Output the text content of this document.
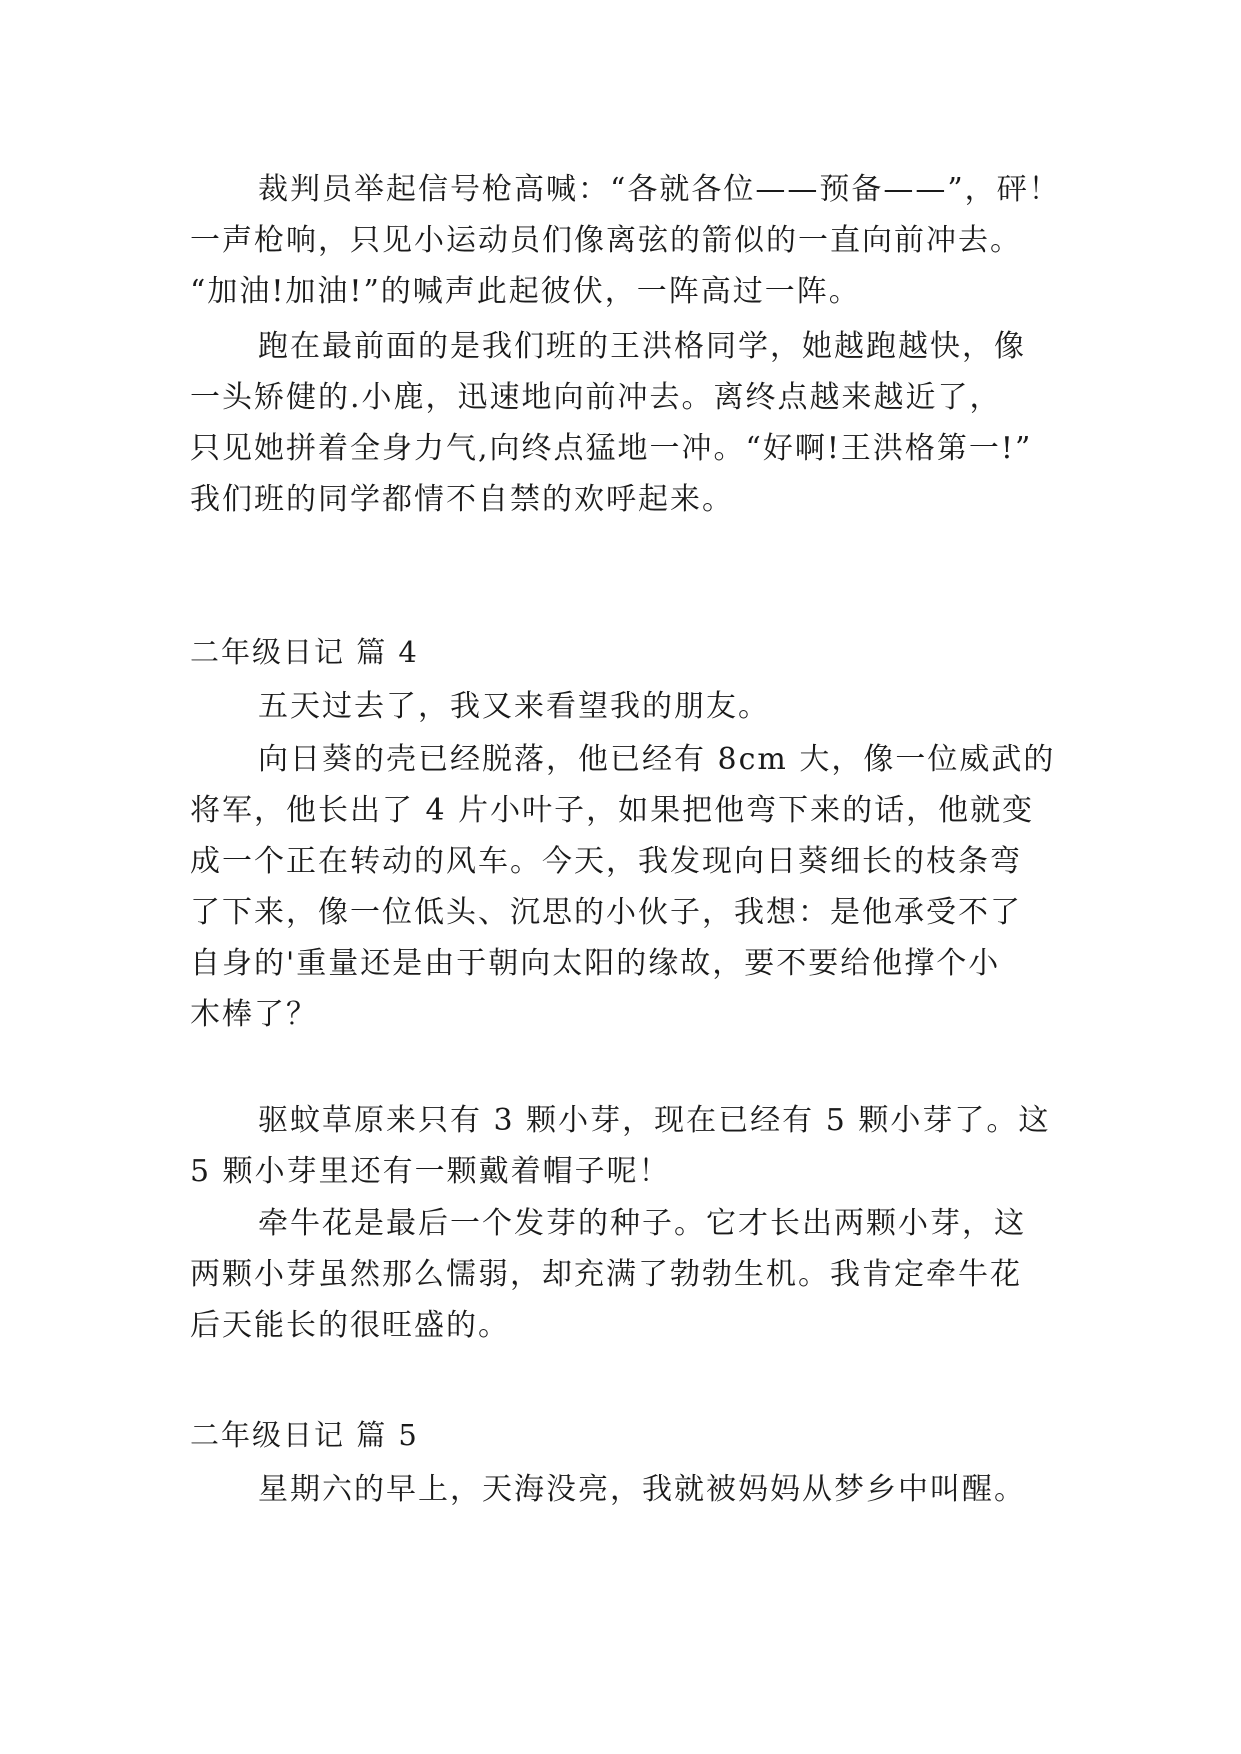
裁判员举起信号枪高喊：“各就各位——预备——”，砰！
一声枪响，只见小运动员们像离弦的箭似的一直向前冲去。
“加油!加油!”的喊声此起彼伏，一阵高过一阵。
跑在最前面的是我们班的王洪格同学，她越跑越快，像
一头矫健的.小鹿，迅速地向前冲去。离终点越来越近了，
只见她拼着全身力气,向终点猛地一冲。“好啊!王洪格第一!”
我们班的同学都情不自禁的欢呼起来。
二年级日记 篇 4
五天过去了，我又来看望我的朋友。
向日葵的壳已经脱落，他已经有 8cm 大，像一位威武的
将军，他长出了 4 片小叶子，如果把他弯下来的话，他就变
成一个正在转动的风车。今天，我发现向日葵细长的枝条弯
了下来，像一位低头、沉思的小伙子，我想：是他承受不了
自身的'重量还是由于朝向太阳的缘故，要不要给他撑个小
木棒了？
驱蚊草原来只有 3 颗小芽，现在已经有 5 颗小芽了。这
5 颗小芽里还有一颗戴着帽子呢！
牵牛花是最后一个发芽的种子。它才长出两颗小芽，这
两颗小芽虽然那么懦弱，却充满了勃勃生机。我肯定牵牛花
后天能长的很旺盛的。
二年级日记 篇 5
星期六的早上，天海没亮，我就被妈妈从梦乡中叫醒。
